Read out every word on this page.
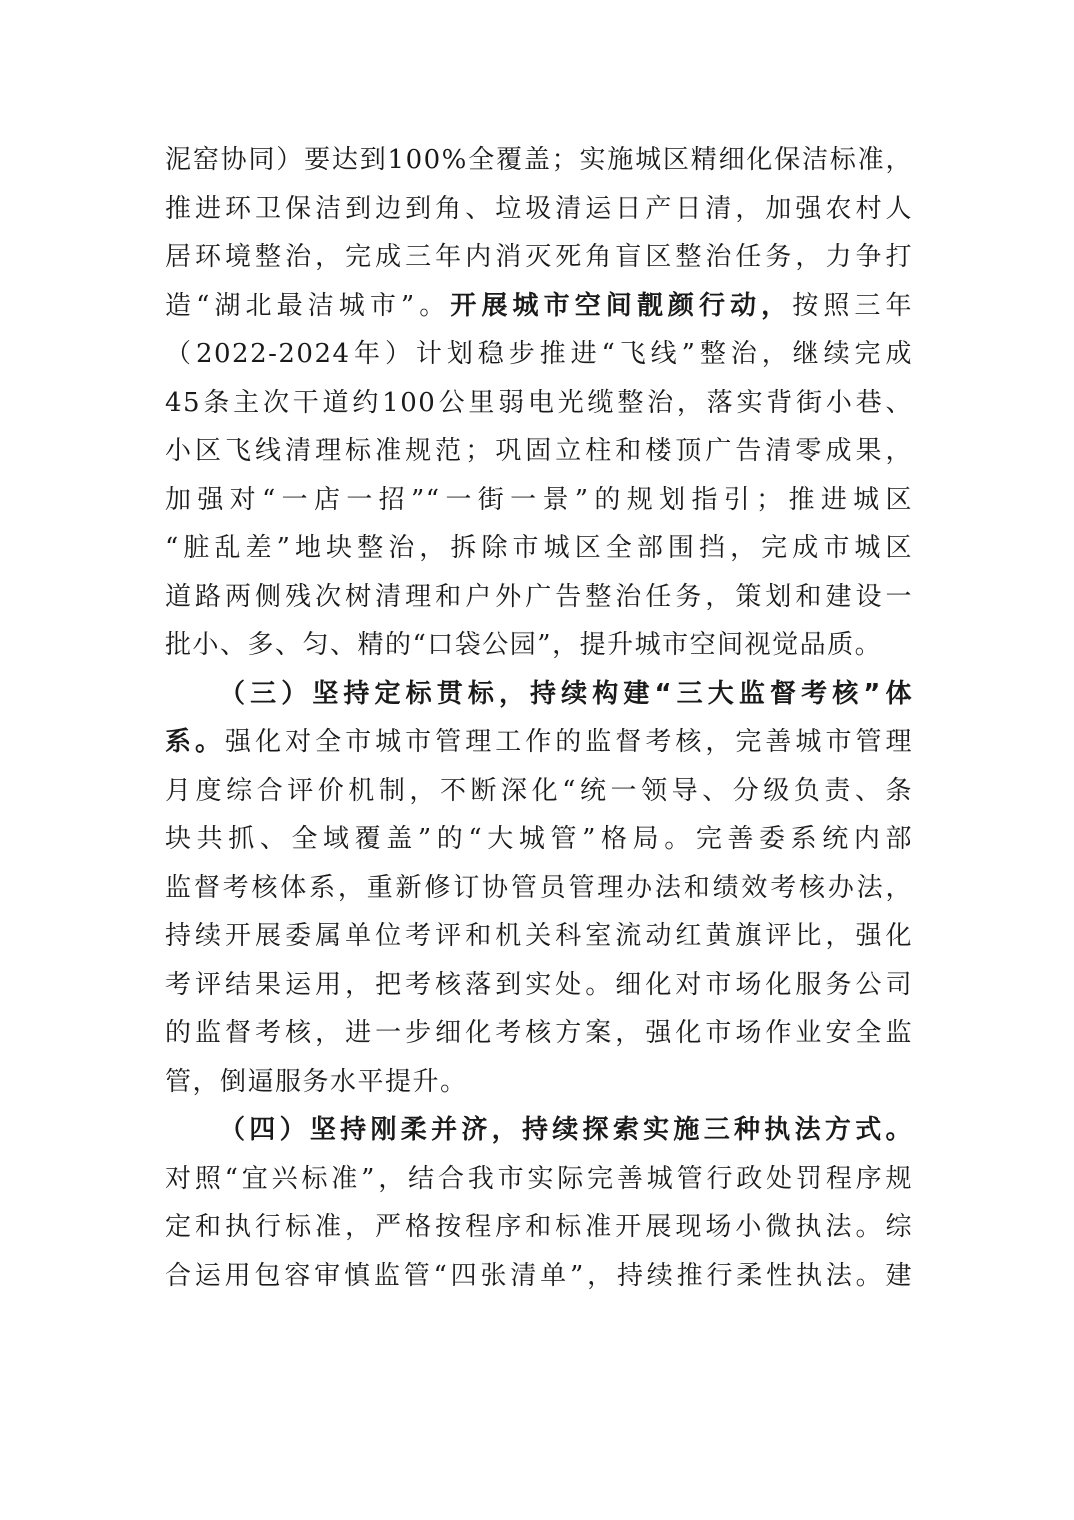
泥窑协同）要达到100%全覆盖；实施城区精细化保洁标准，
推进环卫保洁到边到角、垃圾清运日产日清，加强农村人
居环境整治，完成三年内消灭死角盲区整治任务，力争打
造“湖北最洁城市”。开展城市空间靓颜行动，按照三年
（2022-2024年）计划稳步推进“飞线”整治，继续完成
45条主次干道约100公里弱电光缆整治，落实背街小巷、
小区飞线清理标准规范；巩固立柱和楼顶广告清零成果，
加强对“一店一招”“一街一景”的规划指引；推进城区
“脏乱差”地块整治，拆除市城区全部围挡，完成市城区
道路两侧残次树清理和户外广告整治任务，策划和建设一
批小、多、匀、精的“口袋公园”，提升城市空间视觉品质。
（三）坚持定标贯标，持续构建“三大监督考核”体
系。强化对全市城市管理工作的监督考核，完善城市管理
月度综合评价机制，不断深化“统一领导、分级负责、条
块共抓、全域覆盖”的“大城管”格局。完善委系统内部
监督考核体系，重新修订协管员管理办法和绩效考核办法，
持续开展委属单位考评和机关科室流动红黄旗评比，强化
考评结果运用，把考核落到实处。细化对市场化服务公司
的监督考核，进一步细化考核方案，强化市场作业安全监
管，倒逼服务水平提升。
（四）坚持刚柔并济，持续探索实施三种执法方式。
对照“宜兴标准”，结合我市实际完善城管行政处罚程序规
定和执行标准，严格按程序和标准开展现场小微执法。综
合运用包容审慎监管“四张清单”，持续推行柔性执法。建
